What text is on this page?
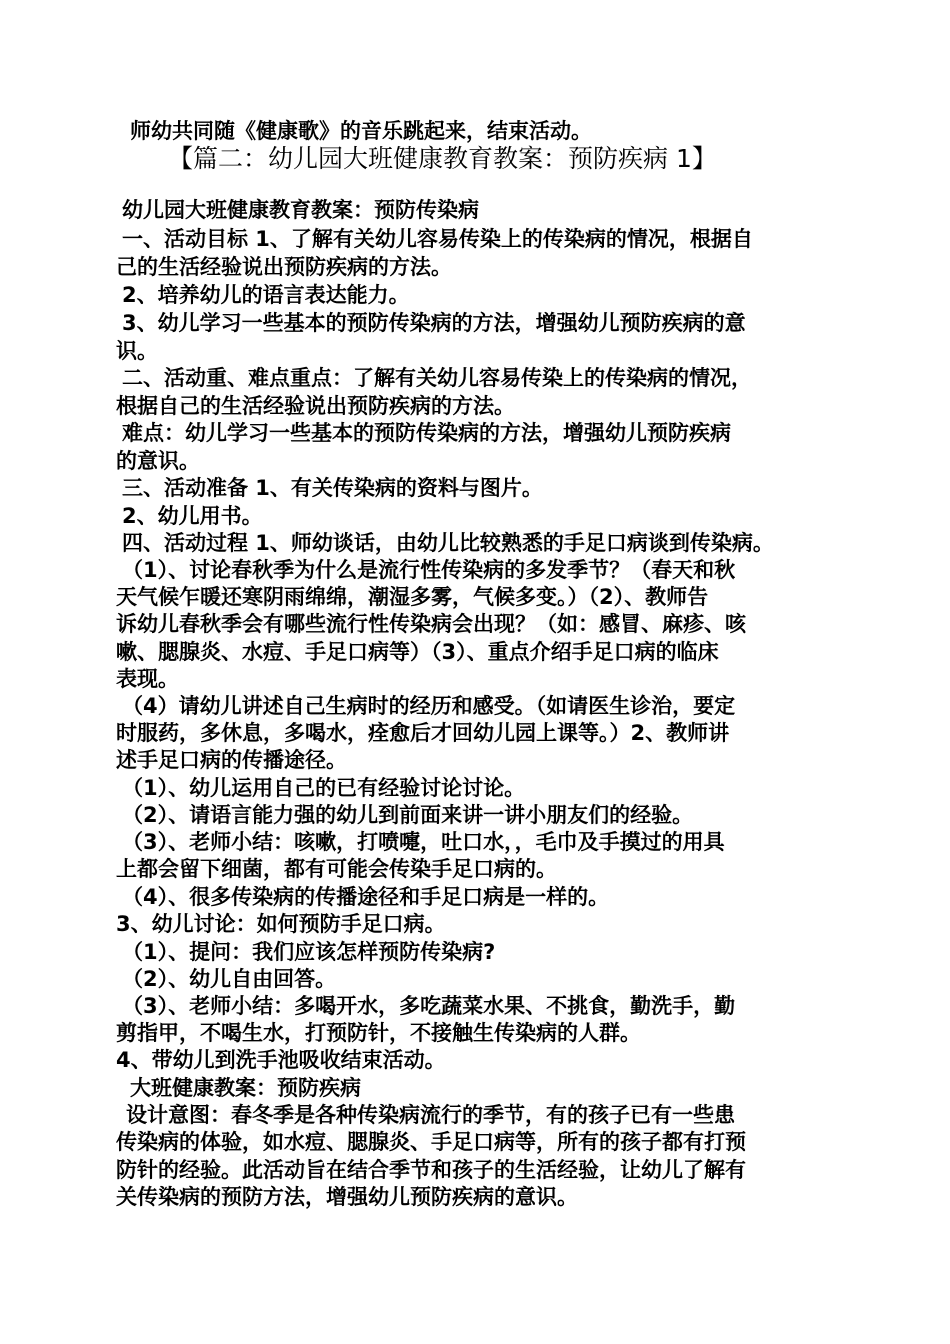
师幼共同随《健康歌》的音乐跳起来，结束活动。
【篇二：幼儿园大班健康教育教案：预防疾病 1】
幼儿园大班健康教育教案：预防传染病
一、活动目标 1、了解有关幼儿容易传染上的传染病的情况，根据自
己的生活经验说出预防疾病的方法。
2、培养幼儿的语言表达能力。
3、幼儿学习一些基本的预防传染病的方法，增强幼儿预防疾病的意
识。
二、活动重、难点重点：了解有关幼儿容易传染上的传染病的情况，
根据自己的生活经验说出预防疾病的方法。
难点：幼儿学习一些基本的预防传染病的方法，增强幼儿预防疾病
的意识。
三、活动准备 1、有关传染病的资料与图片。
2、幼儿用书。
四、活动过程 1、师幼谈话，由幼儿比较熟悉的手足口病谈到传染病。
（1）、讨论春秋季为什么是流行性传染病的多发季节？（春天和秋
天气候乍暖还寒阴雨绵绵，潮湿多雾，气候多变。）（2）、教师告
诉幼儿春秋季会有哪些流行性传染病会出现？（如：感冒、麻疹、咳
嗽、腮腺炎、水痘、手足口病等）（3）、重点介绍手足口病的临床
表现。
（4）请幼儿讲述自己生病时的经历和感受。（如请医生诊治，要定
时服药，多休息，多喝水，痊愈后才回幼儿园上课等。）2、教师讲
述手足口病的传播途径。
（1）、幼儿运用自己的已有经验讨论讨论。
（2）、请语言能力强的幼儿到前面来讲一讲小朋友们的经验。
（3）、老师小结：咳嗽，打喷嚏，吐口水，，毛巾及手摸过的用具
上都会留下细菌，都有可能会传染手足口病的。
（4）、很多传染病的传播途径和手足口病是一样的。
3、幼儿讨论：如何预防手足口病。
（1）、提问：我们应该怎样预防传染病?
（2）、幼儿自由回答。
（3）、老师小结：多喝开水，多吃蔬菜水果、不挑食，勤洗手，勤
剪指甲，不喝生水，打预防针，不接触生传染病的人群。
4、带幼儿到洗手池吸收结束活动。
大班健康教案：预防疾病
设计意图：春冬季是各种传染病流行的季节，有的孩子已有一些患
传染病的体验，如水痘、腮腺炎、手足口病等，所有的孩子都有打预
防针的经验。此活动旨在结合季节和孩子的生活经验，让幼儿了解有
关传染病的预防方法，增强幼儿预防疾病的意识。
